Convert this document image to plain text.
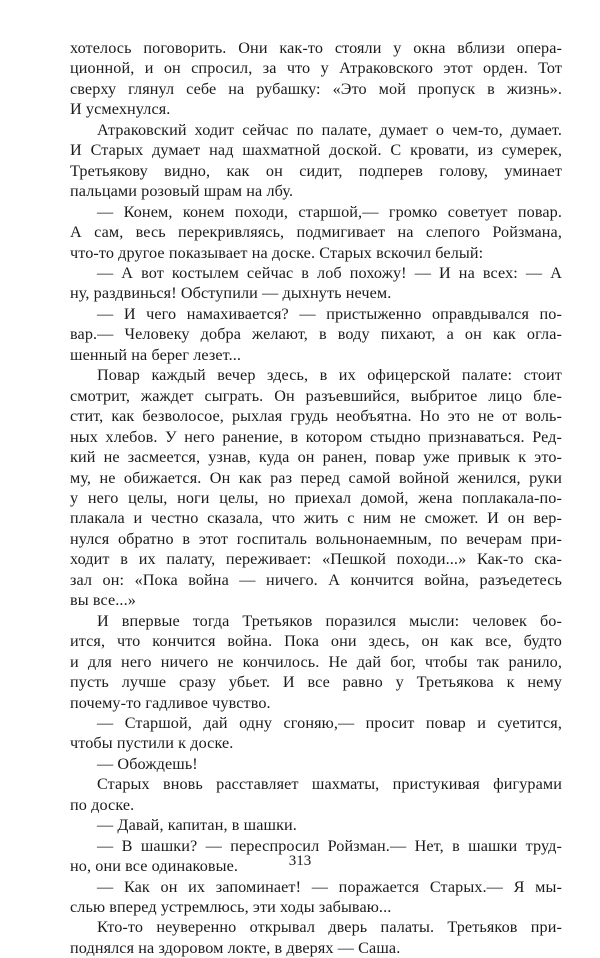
хотелось поговорить. Они как-то стояли у окна вблизи опера-
ционной, и он спросил, за что у Атраковского этот орден. Тот
сверху глянул себе на рубашку: «Это мой пропуск в жизнь».
И усмехнулся.
Атраковский ходит сейчас по палате, думает о чем-то, думает.
И Старых думает над шахматной доской. С кровати, из сумерек,
Третьякову видно, как он сидит, подперев голову, уминает
пальцами розовый шрам на лбу.
— Конем, конем походи, старшой,— громко советует повар.
А сам, весь перекривляясь, подмигивает на слепого Ройзмана,
что-то другое показывает на доске. Старых вскочил белый:
— А вот костылем сейчас в лоб похожу! — И на всех: — А
ну, раздвинься! Обступили — дыхнуть нечем.
— И чего намахивается? — пристыженно оправдывался по-
вар.— Человеку добра желают, в воду пихают, а он как огла-
шенный на берег лезет...
Повар каждый вечер здесь, в их офицерской палате: стоит
смотрит, жаждет сыграть. Он разъевшийся, выбритое лицо бле-
стит, как безволосое, рыхлая грудь необъятна. Но это не от воль-
ных хлебов. У него ранение, в котором стыдно признаваться. Ред-
кий не засмеется, узнав, куда он ранен, повар уже привык к это-
му, не обижается. Он как раз перед самой войной женился, руки
у него целы, ноги целы, но приехал домой, жена поплакала-по-
плакала и честно сказала, что жить с ним не сможет. И он вер-
нулся обратно в этот госпиталь вольнонаемным, по вечерам при-
ходит в их палату, переживает: «Пешкой походи...» Как-то ска-
зал он: «Пока война — ничего. А кончится война, разъедетесь
вы все...»
И впервые тогда Третьяков поразился мысли: человек бо-
ится, что кончится война. Пока они здесь, он как все, будто
и для него ничего не кончилось. Не дай бог, чтобы так ранило,
пусть лучше сразу убьет. И все равно у Третьякова к нему
почему-то гадливое чувство.
— Старшой, дай одну сгоняю,— просит повар и суетится,
чтобы пустили к доске.
— Обождешь!
Старых вновь расставляет шахматы, пристукивая фигурами
по доске.
— Давай, капитан, в шашки.
— В шашки? — переспросил Ройзман.— Нет, в шашки труд-
но, они все одинаковые.
— Как он их запоминает! — поражается Старых.— Я мы-
слью вперед устремлюсь, эти ходы забываю...
Кто-то неуверенно открывал дверь палаты. Третьяков при-
поднялся на здоровом локте, в дверях — Саша.
313
